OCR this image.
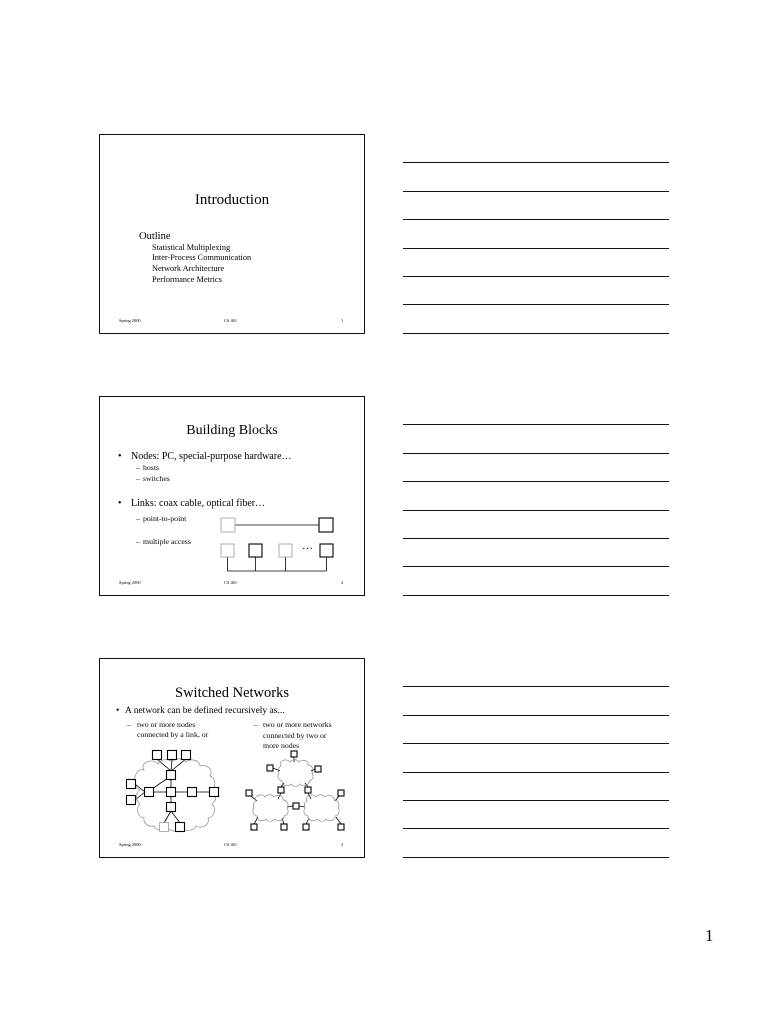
Introduction
Outline
Statistical Multiplexing
Inter-Process Communication
Network Architecture
Performance Metrics
Spring 2000	CS 461	1
Building Blocks
• Nodes: PC, special-purpose hardware…
– hosts
– switches
• Links: coax cable, optical fiber…
– point-to-point
– multiple access	…
Spring 2000	CS 461	2
Switched Networks
• A network can be defined recursively as...
– two or more nodes
connected by a link, or
– two or more networks
connected by two or
more nodes
Spring 2000	CS 461	3
1
